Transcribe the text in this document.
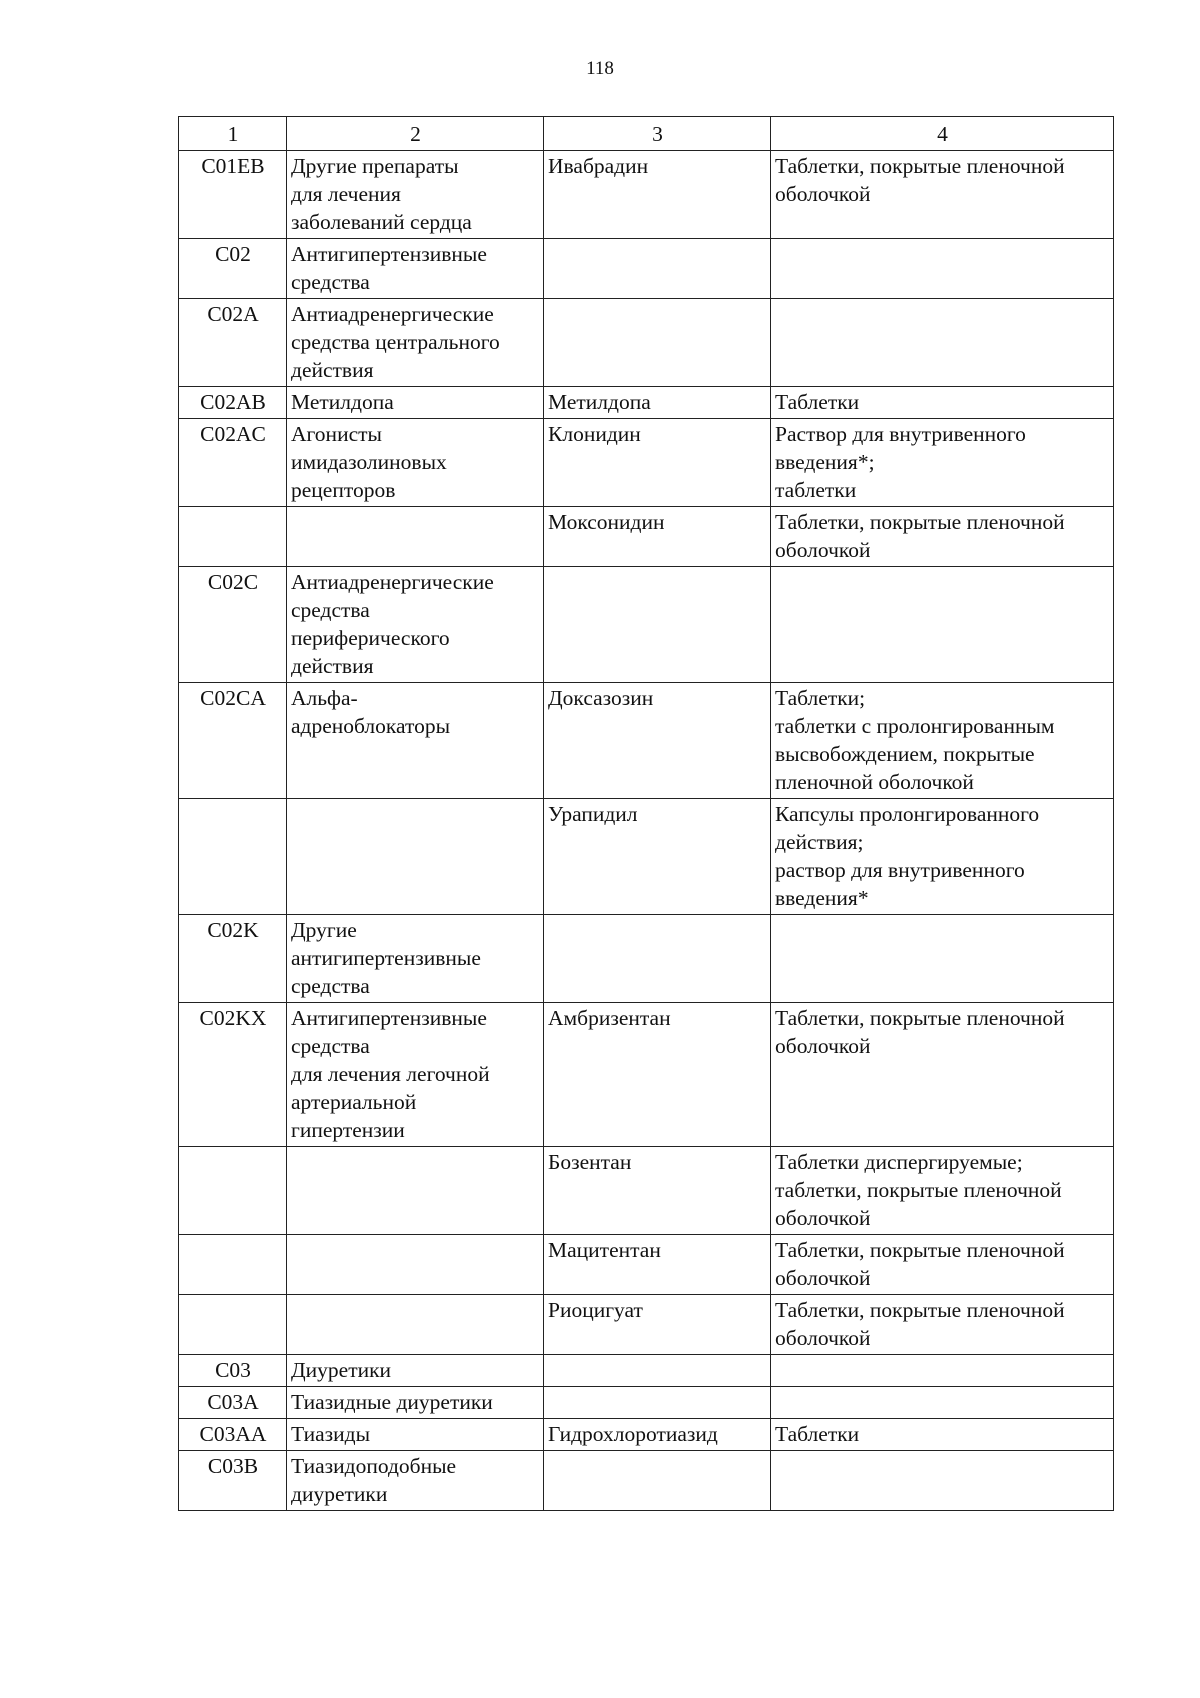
118
1	2	3	4
C01EB	Другие препараты
для лечения
заболеваний сердца	Ивабрадин	Таблетки, покрытые пленочной
оболочкой

C02	Антигипертензивные
средства		

C02A	Антиадренергические
средства центрального
действия		

C02AB	Метилдопа	Метилдопа	Таблетки

C02AC	Агонисты
имидазолиновых
рецепторов	Клонидин	Раствор для внутривенного
введения*;
таблетки

		Моксонидин	Таблетки, покрытые пленочной
оболочкой

C02C	Антиадренергические
средства
периферического
действия		

C02CA	Альфа-
адреноблокаторы	Доксазозин	Таблетки;
таблетки с пролонгированным
высвобождением, покрытые
пленочной оболочкой

		Урапидил	Капсулы пролонгированного
действия;
раствор для внутривенного
введения*

C02K	Другие
антигипертензивные
средства		

C02KX	Антигипертензивные
средства
для лечения легочной
артериальной
гипертензии	Амбризентан	Таблетки, покрытые пленочной
оболочкой

		Бозентан	Таблетки диспергируемые;
таблетки, покрытые пленочной
оболочкой

		Мацитентан	Таблетки, покрытые пленочной
оболочкой

		Риоцигуат	Таблетки, покрытые пленочной
оболочкой

C03	Диуретики		

C03A	Тиазидные диуретики		

C03AA	Тиазиды	Гидрохлоротиазид	Таблетки

C03B	Тиазидоподобные
диуретики		
